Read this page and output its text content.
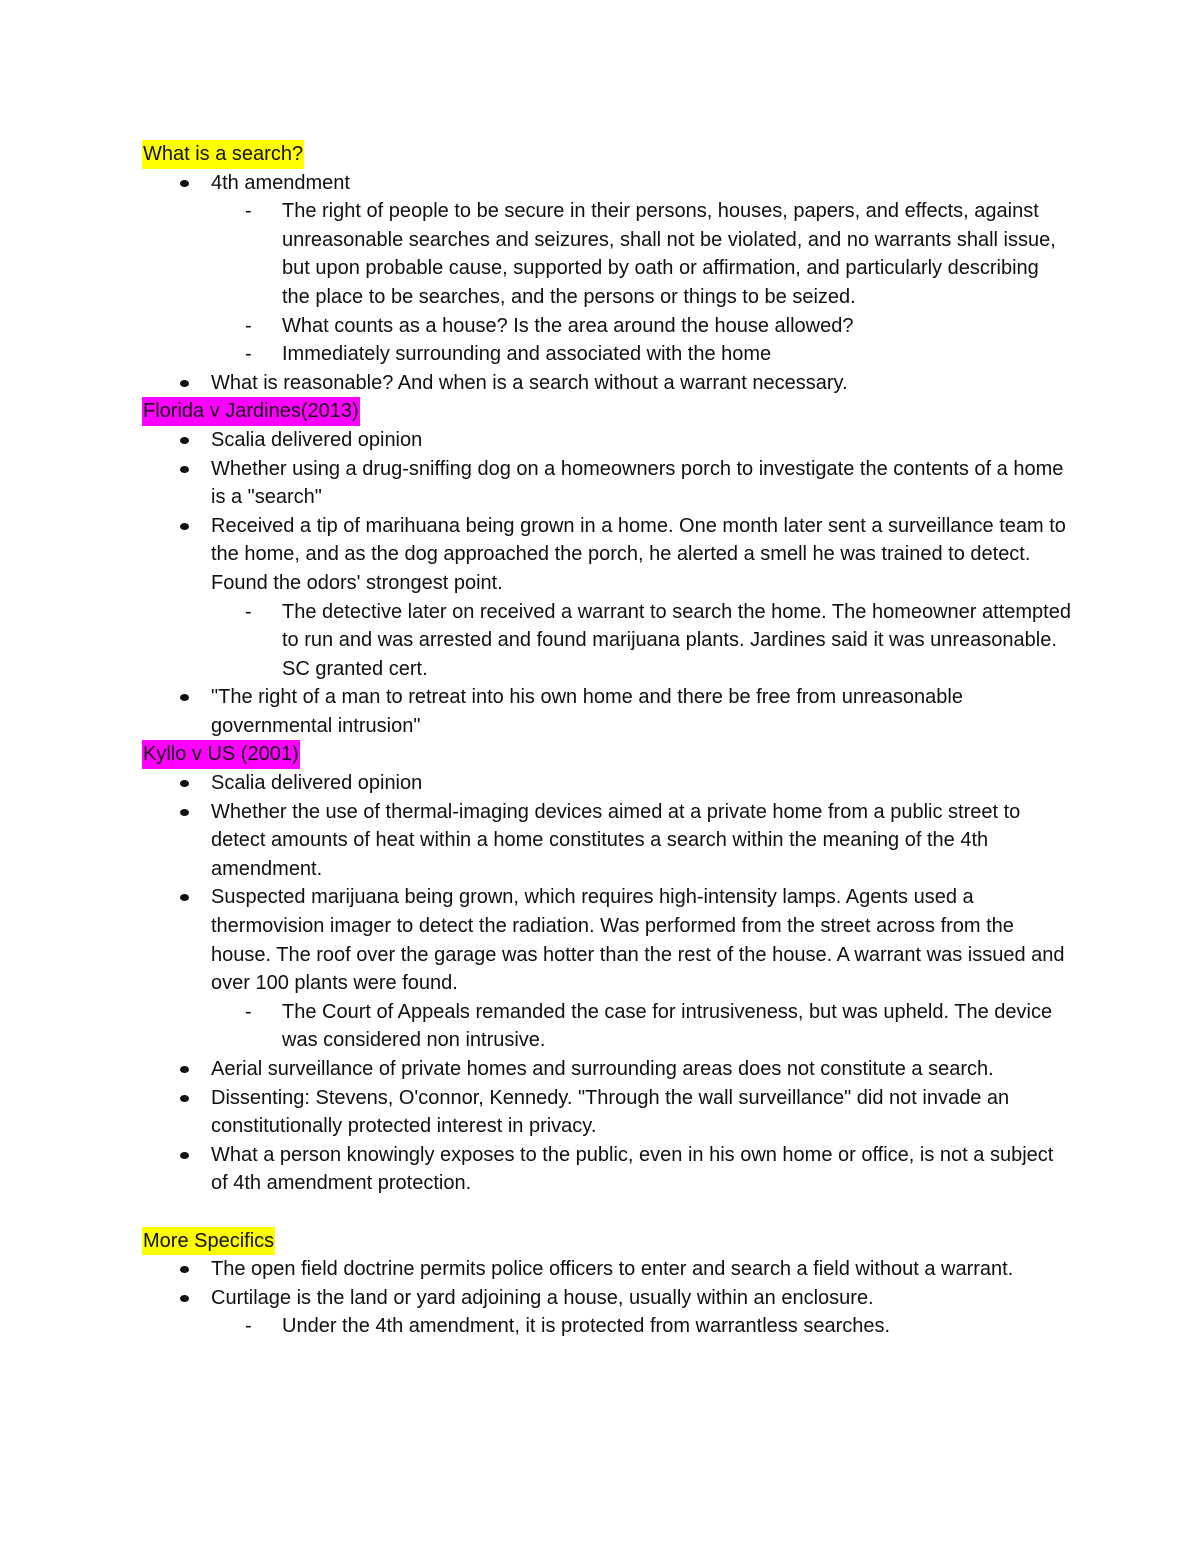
What is a search?
4th amendment
- The right of people to be secure in their persons, houses, papers, and effects, against unreasonable searches and seizures, shall not be violated, and no warrants shall issue, but upon probable cause, supported by oath or affirmation, and particularly describing the place to be searches, and the persons or things to be seized.
- What counts as a house? Is the area around the house allowed?
- Immediately surrounding and associated with the home
What is reasonable? And when is a search without a warrant necessary.
Florida v Jardines(2013)
Scalia delivered opinion
Whether using a drug-sniffing dog on a homeowners porch to investigate the contents of a home is a "search"
Received a tip of marihuana being grown in a home. One month later sent a surveillance team to the home, and as the dog approached the porch, he alerted a smell he was trained to detect. Found the odors' strongest point.
- The detective later on received a warrant to search the home. The homeowner attempted to run and was arrested and found marijuana plants. Jardines said it was unreasonable. SC granted cert.
"The right of a man to retreat into his own home and there be free from unreasonable governmental intrusion"
Kyllo v US (2001)
Scalia delivered opinion
Whether the use of thermal-imaging devices aimed at a private home from a public street to detect amounts of heat within a home constitutes a search within the meaning of the 4th amendment.
Suspected marijuana being grown, which requires high-intensity lamps. Agents used a thermovision imager to detect the radiation. Was performed from the street across from the house. The roof over the garage was hotter than the rest of the house. A warrant was issued and over 100 plants were found.
- The Court of Appeals remanded the case for intrusiveness, but was upheld. The device was considered non intrusive.
Aerial surveillance of private homes and surrounding areas does not constitute a search.
Dissenting: Stevens, O'connor, Kennedy. "Through the wall surveillance" did not invade an constitutionally protected interest in privacy.
What a person knowingly exposes to the public, even in his own home or office, is not a subject of 4th amendment protection.
More Specifics
The open field doctrine permits police officers to enter and search a field without a warrant.
Curtilage is the land or yard adjoining a house, usually within an enclosure.
- Under the 4th amendment, it is protected from warrantless searches.
